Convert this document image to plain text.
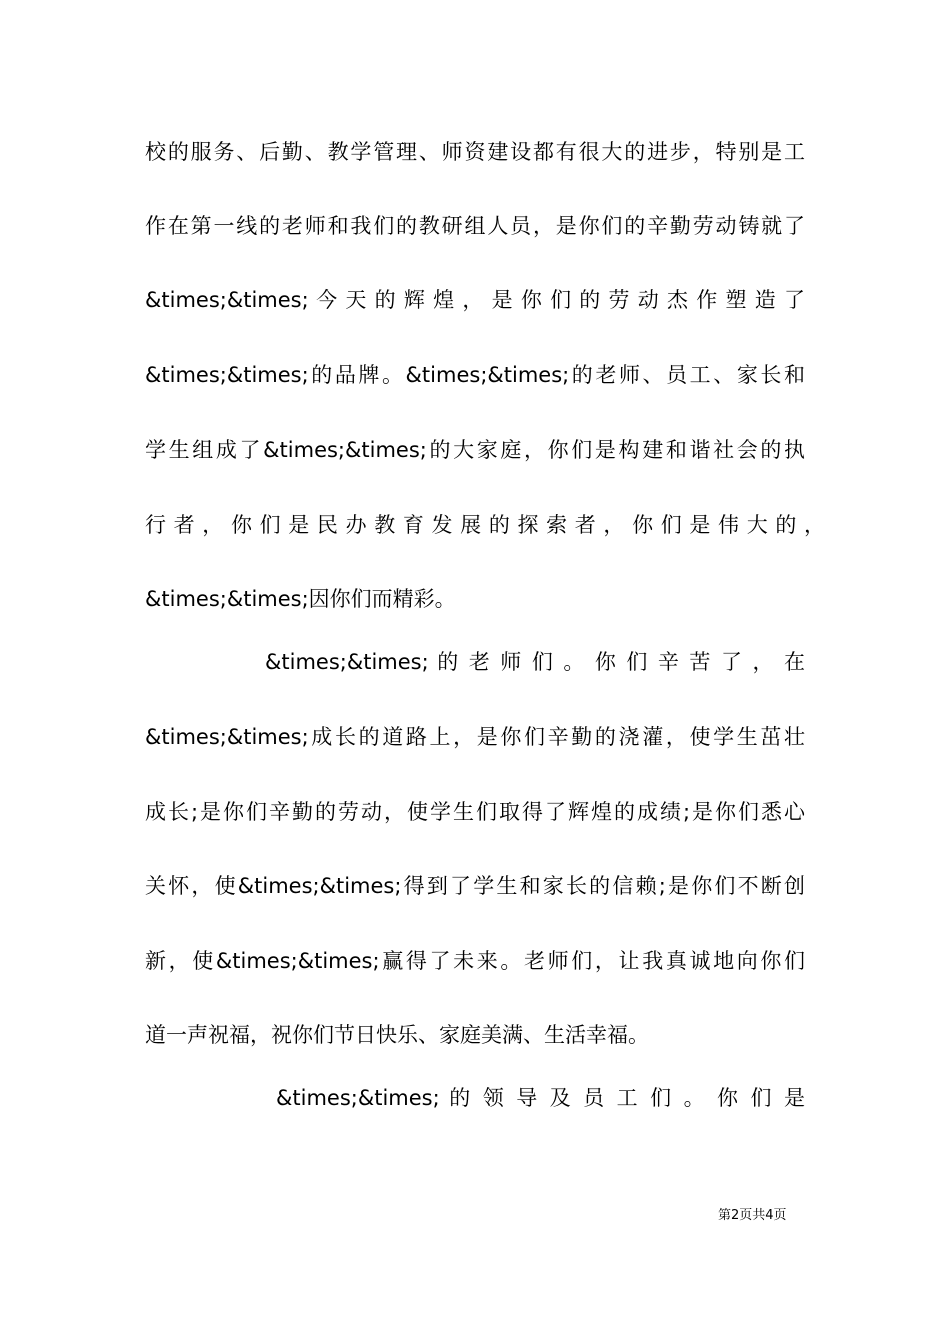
校的服务、后勤、教学管理、师资建设都有很大的进步，特别是工
作在第一线的老师和我们的教研组人员，是你们的辛勤劳动铸就了
&times;&times; 今 天 的 辉 煌 ， 是 你 们 的 劳 动 杰 作 塑 造 了
&times;&times;的品牌。&times;&times;的老师、员工、家长和
学生组成了&times;&times;的大家庭，你们是构建和谐社会的执
行 者 ， 你 们 是 民 办 教 育 发 展 的 探 索 者 ， 你 们 是 伟 大 的 ，
&times;&times;因你们而精彩。
&times;&times; 的 老 师 们 。 你 们 辛 苦 了 ， 在
&times;&times;成长的道路上，是你们辛勤的浇灌，使学生茁壮
成长;是你们辛勤的劳动，使学生们取得了辉煌的成绩;是你们悉心
关怀，使&times;&times;得到了学生和家长的信赖;是你们不断创
新，使&times;&times;赢得了未来。老师们，让我真诚地向你们
道一声祝福，祝你们节日快乐、家庭美满、生活幸福。
&times;&times; 的 领 导 及 员 工 们 。 你 们 是
第2页共4页
